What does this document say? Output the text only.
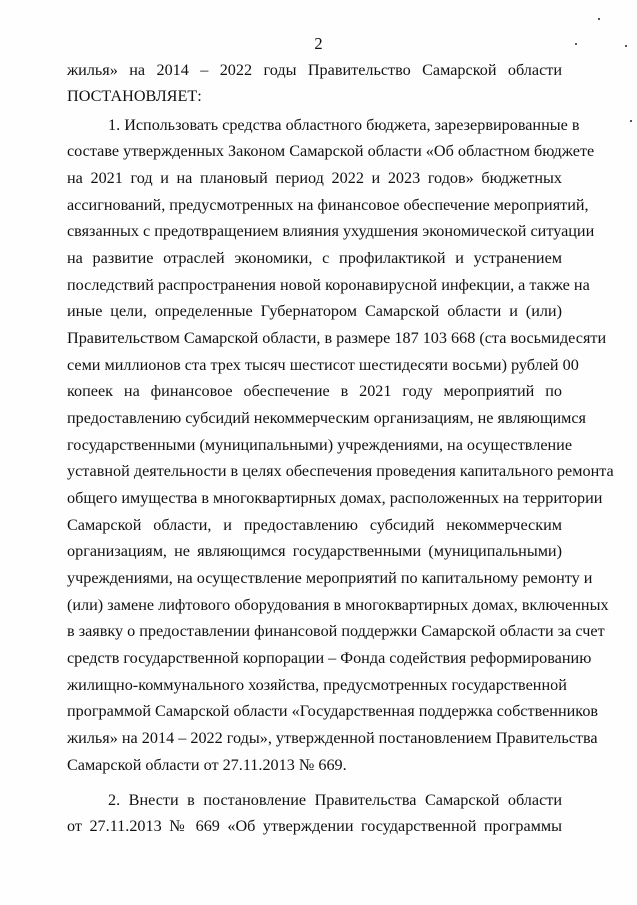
2
жилья» на 2014 – 2022 годы Правительство Самарской области
ПОСТАНОВЛЯЕТ:
1. Использовать средства областного бюджета, зарезервированные в
составе утвержденных Законом Самарской области «Об областном бюджете
на 2021 год и на плановый период 2022 и 2023 годов» бюджетных
ассигнований, предусмотренных на финансовое обеспечение мероприятий,
связанных с предотвращением влияния ухудшения экономической ситуации
на развитие отраслей экономики, с профилактикой и устранением
последствий распространения новой коронавирусной инфекции, а также на
иные цели, определенные Губернатором Самарской области и (или)
Правительством Самарской области, в размере 187 103 668 (ста восьмидесяти
семи миллионов ста трех тысяч шестисот шестидесяти восьми) рублей 00
копеек на финансовое обеспечение в 2021 году мероприятий по
предоставлению субсидий некоммерческим организациям, не являющимся
государственными (муниципальными) учреждениями, на осуществление
уставной деятельности в целях обеспечения проведения капитального ремонта
общего имущества в многоквартирных домах, расположенных на территории
Самарской области, и предоставлению субсидий некоммерческим
организациям, не являющимся государственными (муниципальными)
учреждениями, на осуществление мероприятий по капитальному ремонту и
(или) замене лифтового оборудования в многоквартирных домах, включенных
в заявку о предоставлении финансовой поддержки Самарской области за счет
средств государственной корпорации – Фонда содействия реформированию
жилищно-коммунального хозяйства, предусмотренных государственной
программой Самарской области «Государственная поддержка собственников
жилья» на 2014 – 2022 годы», утвержденной постановлением Правительства
Самарской области от 27.11.2013 № 669.
2. Внести в постановление Правительства Самарской области
от 27.11.2013 № 669 «Об утверждении государственной программы
